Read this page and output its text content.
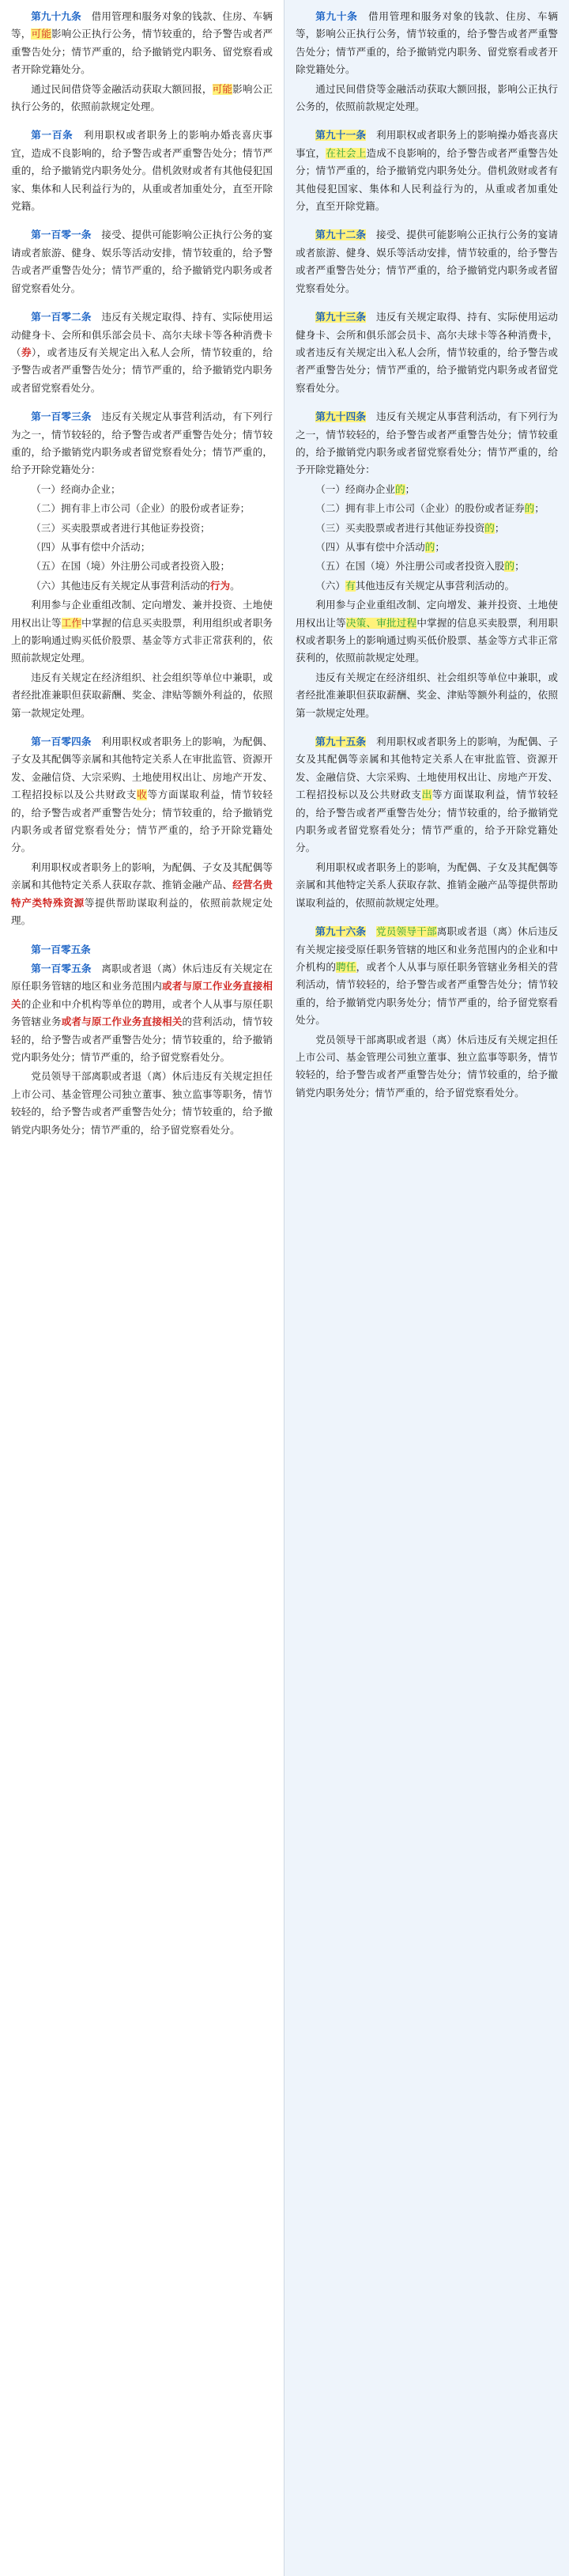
第九十九条　借用管理和服务对象的钱款、住房、车辆等，可能影响公正执行公务，情节较重的，给予警告或者严重警告处分；情节严重的，给予撤销党内职务、留党察看或者开除党籍处分。

通过民间借贷等金融活动获取大额回报，可能影响公正执行公务的，依照前款规定处理。

第一百条　利用职权或者职务上的影响办婚丧喜庆事宜，造成不良影响的，给予警告或者严重警告处分；情节严重的，给予撤销党内职务处分。借机敛财或者有其他侵犯国家、集体和人民利益行为的，从重或者加重处分，直至开除党籍。

第一百零一条　接受、提供可能影响公正执行公务的宴请或者旅游、健身、娱乐等活动安排，情节较重的，给予警告或者严重警告处分；情节严重的，给予撤销党内职务或者留党察看处分。

第一百零二条　违反有关规定取得、持有、实际使用运动健身卡、会所和俱乐部会员卡、高尔夫球卡等各种消费卡（券），或者违反有关规定出入私人会所，情节较重的，给予警告或者严重警告处分；情节严重的，给予撤销党内职务或者留党察看处分。

第一百零三条　违反有关规定从事营利活动，有下列行为之一，情节较轻的，给予警告或者严重警告处分；情节较重的，给予撤销党内职务或者留党察看处分；情节严重的，给予开除党籍处分：

（一）经商办企业；

（二）拥有非上市公司（企业）的股份或者证券；

（三）买卖股票或者进行其他证券投资；

（四）从事有偿中介活动；

（五）在国（境）外注册公司或者投资入股；

（六）其他违反有关规定从事营利活动的行为。

利用参与企业重组改制、定向增发、兼并投资、土地使用权出让等工作中掌握的信息买卖股票，利用组织或者职务上的影响通过购买低价股票、基金等方式非正常获利的，依照前款规定处理。

违反有关规定在经济组织、社会组织等单位中兼职，或者经批准兼职但获取薪酬、奖金、津贴等额外利益的，依照第一款规定处理。

第一百零四条　利用职权或者职务上的影响，为配偶、子女及其配偶等亲属和其他特定关系人在审批监管、资源开发、金融信贷、大宗采购、土地使用权出让、房地产开发、工程招投标以及公共财政支收等方面谋取利益，情节较轻的，给予警告或者严重警告处分；情节较重的，给予撤销党内职务或者留党察看处分；情节严重的，给予开除党籍处分。

利用职权或者职务上的影响，为配偶、子女及其配偶等亲属和其他特定关系人获取存款、推销金融产品、经营名贵特产类特殊资源等提供帮助谋取利益的，依照前款规定处理。

第一百零五条

第一百零五条　离职或者退（离）休后违反有关规定在原任职务管辖的地区和业务范围内或者与原工作业务直接相关的企业和中介机构等单位的聘用，或者个人从事与原任职务管辖业务或者与原工作业务直接相关的营利活动，情节较轻的，给予警告或者严重警告处分；情节较重的，给予撤销党内职务处分；情节严重的，给予留党察看处分。

党员领导干部离职或者退（离）休后违反有关规定担任上市公司、基金管理公司独立董事、独立监事等职务，情节较轻的，给予警告或者严重警告处分；情节较重的，给予撤销党内职务处分；情节严重的，给予留党察看处分。

第九十条　借用管理和服务对象的钱款、住房、车辆等，影响公正执行公务，情节较重的，给予警告或者严重警告处分；情节严重的，给予撤销党内职务、留党察看或者开除党籍处分。

通过民间借贷等金融活动获取大额回报，影响公正执行公务的，依照前款规定处理。

第九十一条　利用职权或者职务上的影响操办婚丧喜庆事宜，在社会上造成不良影响的，给予警告或者严重警告处分；情节严重的，给予撤销党内职务处分。借机敛财或者有其他侵犯国家、集体和人民利益行为的，从重或者加重处分，直至开除党籍。

第九十二条　接受、提供可能影响公正执行公务的宴请或者旅游、健身、娱乐等活动安排，情节较重的，给予警告或者严重警告处分；情节严重的，给予撤销党内职务或者留党察看处分。

第九十三条　违反有关规定取得、持有、实际使用运动健身卡、会所和俱乐部会员卡、高尔夫球卡等各种消费卡，或者违反有关规定出入私人会所，情节较重的，给予警告或者严重警告处分；情节严重的，给予撤销党内职务或者留党察看处分。

第九十四条　违反有关规定从事营利活动，有下列行为之一，情节较轻的，给予警告或者严重警告处分；情节较重的，给予撤销党内职务或者留党察看处分；情节严重的，给予开除党籍处分：

（一）经商办企业的；

（二）拥有非上市公司（企业）的股份或者证券的；

（三）买卖股票或者进行其他证券投资的；

（四）从事有偿中介活动的；

（五）在国（境）外注册公司或者投资入股的；

（六）有其他违反有关规定从事营利活动的。

利用参与企业重组改制、定向增发、兼并投资、土地使用权出让等决策、审批过程中掌握的信息买卖股票，利用职权或者职务上的影响通过购买低价股票、基金等方式非正常获利的，依照前款规定处理。

违反有关规定在经济组织、社会组织等单位中兼职，或者经批准兼职但获取薪酬、奖金、津贴等额外利益的，依照第一款规定处理。

第九十五条　利用职权或者职务上的影响，为配偶、子女及其配偶等亲属和其他特定关系人在审批监管、资源开发、金融信贷、大宗采购、土地使用权出让、房地产开发、工程招投标以及公共财政支出等方面谋取利益，情节较轻的，给予警告或者严重警告处分；情节较重的，给予撤销党内职务或者留党察看处分；情节严重的，给予开除党籍处分。

利用职权或者职务上的影响，为配偶、子女及其配偶等亲属和其他特定关系人获取存款、推销金融产品等提供帮助谋取利益的，依照前款规定处理。

第九十六条　 党员领导干部离职或者退（离）休后违反有关规定接受原任职务管辖的地区和业务范围内的企业和中介机构的聘任，或者个人从事与原任职务管辖业务相关的营利活动，情节较轻的，给予警告或者严重警告处分；情节较重的，给予撤销党内职务处分；情节严重的，给予留党察看处分。

党员领导干部离职或者退（离）休后违反有关规定担任上市公司、基金管理公司独立董事、独立监事等职务，情节较轻的，给予警告或者严重警告处分；情节较重的，给予撤销党内职务处分；情节严重的，给予留党察看处分。
